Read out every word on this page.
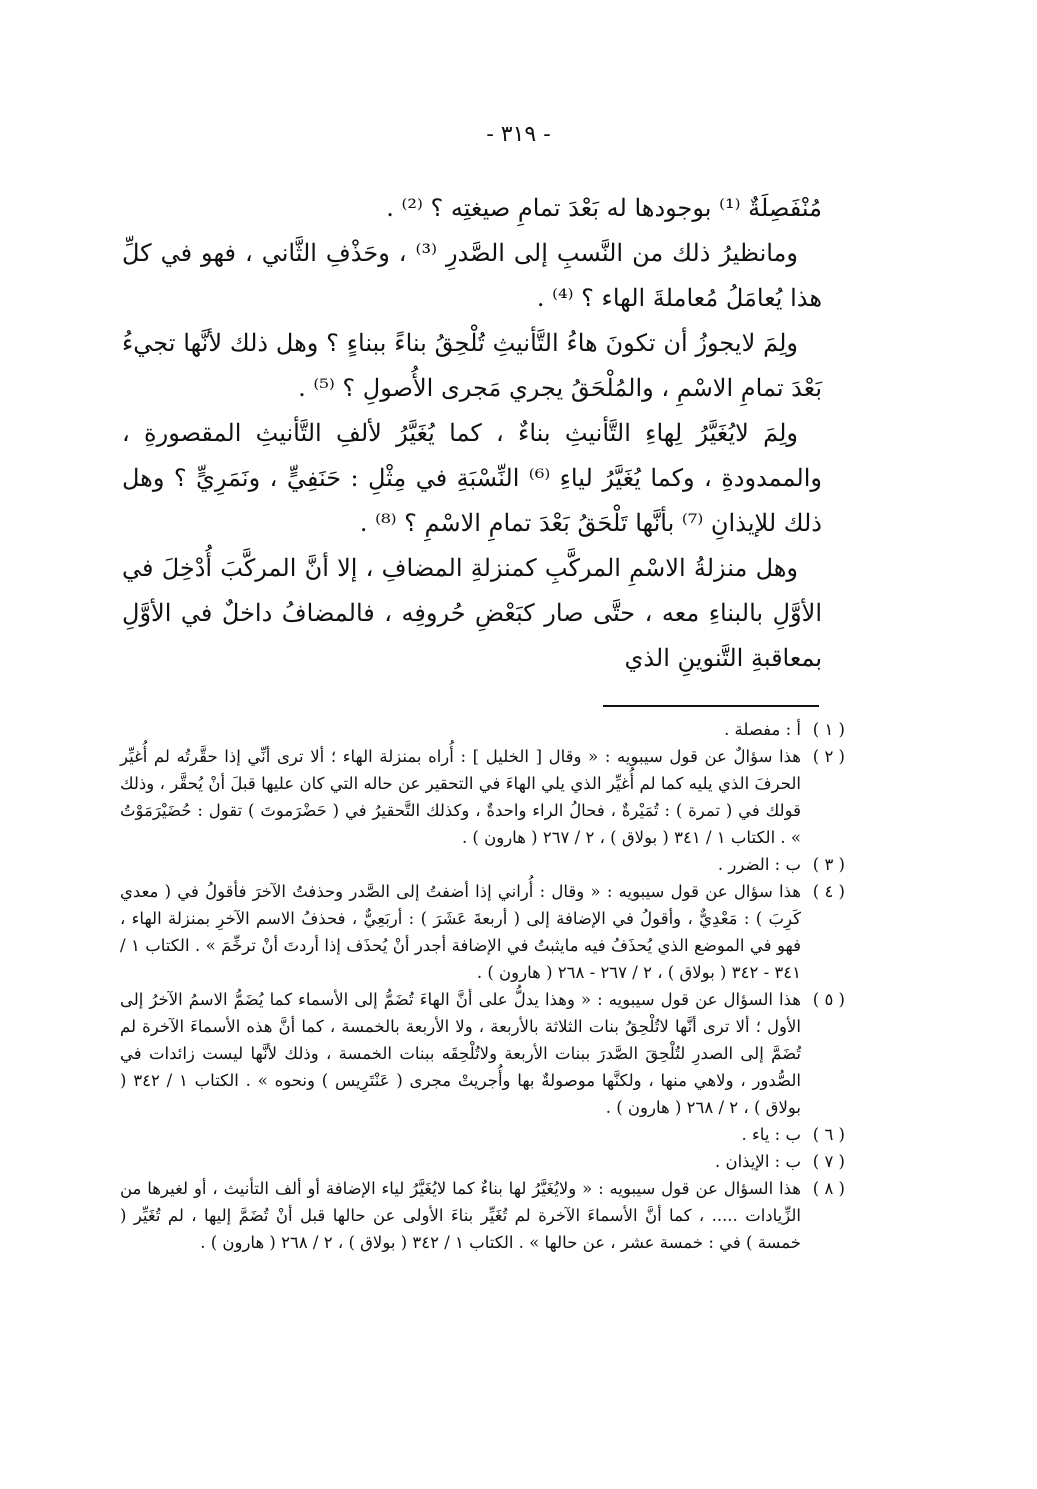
- ٣١٩ -

مُنْفَصِلَةٌ ⁽¹⁾ بوجودها له بَعْدَ تمامِ صيغتِه ؟ ⁽²⁾ .

ومانظيرُ ذلك من النَّسبِ إلى الصَّدرِ ⁽³⁾ ، وحَذْفِ الثَّاني ، فهو في كلِّ هذا يُعامَلُ مُعاملةَ الهاء ؟ ⁽⁴⁾ .

ولِمَ لايجوزُ أن تكونَ هاءُ التَّأنيثِ تُلْحِقُ بناءً ببناءٍ ؟ وهل ذلك لأنَّها تجيءُ بَعْدَ تمامِ الاسْمِ ، والمُلْحَقُ يجري مَجرى الأُصولِ ؟ ⁽⁵⁾ .

ولِمَ لايُغَيَّرُ لِهاءِ التَّأنيثِ بناءٌ ، كما يُغَيَّرُ لألفِ التَّأنيثِ المقصورةِ ، والممدودةِ ، وكما يُغَيَّرُ لياءِ ⁽⁶⁾ النِّسْبَةِ في مِثْلِ : حَنَفِيٍّ ، ونَمَرِيٍّ ؟ وهل ذلك للإيذانِ ⁽⁷⁾ بأنَّها تَلْحَقُ بَعْدَ تمامِ الاسْمِ ؟ ⁽⁸⁾ .

وهل منزلةُ الاسْمِ المركَّبِ كمنزلةِ المضافِ ، إلا أنَّ المركَّبَ أُدْخِلَ في الأوَّلِ بالبناءِ معه ، حتَّى صار كبَعْضِ حُروفِه ، فالمضافُ داخلٌ في الأوَّلِ بمعاقبةِ التَّنوينِ الذي

( ١ )
أ : مفصلة .
( ٢ )
هذا سؤالٌ عن قول سيبويه : « وقال [ الخليل ] : أُراه بمنزلة الهاء ؛ ألا ترى أنِّي إذا حقَّرتُه لم أُغيِّر الحرفَ الذي يليه كما لم أُغيِّر الذي يلي الهاءَ في التحقير عن حاله التي كان عليها قبلَ أنْ يُحقَّر ، وذلك قولك في ( تمرة ) : تُمَيْرةٌ ، فحالُ الراء واحدةٌ ، وكذلك التَّحقيرُ في ( حَضْرَموتَ ) تقول : حُضَيْرَمَوْتُ » . الكتاب ١ / ٣٤١ ( بولاق ) ، ٢ / ٢٦٧ ( هارون ) .
( ٣ )
ب : الضرر .
( ٤ )
هذا سؤال عن قول سيبويه : « وقال : أُراني إذا أضفتُ إلى الصَّدر وحذفتُ الآخرَ فأقولُ في ( معدي كَرِبَ ) : مَعْدِيٌّ ، وأقولُ في الإضافة إلى ( أربعةَ عَشَرَ ) : أربَعِيٌّ ، فحذفُ الاسم الآخرِ بمنزلة الهاء ، فهو في الموضع الذي يُحذَفُ فيه مايثبتُ في الإضافة أجدر أنْ يُحذَف إذا أردتَ أنْ ترخِّمَ » . الكتاب ١ / ٣٤١ - ٣٤٢ ( بولاق ) ، ٢ / ٢٦٧ - ٢٦٨ ( هارون ) .
( ٥ )
هذا السؤال عن قول سيبويه : « وهذا يدلُّ على أنَّ الهاءَ تُضَمُّ إلى الأسماء كما يُضَمُّ الاسمُ الآخرُ إلى الأول ؛ ألا ترى أنَّها لاتُلْحِقُ بنات الثلاثة بالأربعة ، ولا الأربعة بالخمسة ، كما أنَّ هذه الأسماءَ الآخرة لم تُضَمَّ إلى الصدرِ لتُلْحِقَ الصَّدرَ ببنات الأربعة ولاتُلْحِقَه ببنات الخمسة ، وذلك لأنَّها ليست زائدات في الصُّدور ، ولاهي منها ، ولكنَّها موصولةٌ بها وأُجريتْ مجرى ( عَنْتَرِيس ) ونحوه » . الكتاب ١ / ٣٤٢ ( بولاق ) ، ٢ / ٢٦٨ ( هارون ) .
( ٦ )
ب : ياء .
( ٧ )
ب : الإيذان .
( ٨ )
هذا السؤال عن قول سيبويه : « ولايُغَيَّرُ لها بناءٌ كما لايُغَيَّرُ لياء الإضافة أو ألف التأنيث ، أو لغيرها من الزِّيادات ..... ، كما أنَّ الأسماءَ الآخرة لم تُغَيِّر بناءَ الأولى عن حالها قبل أنْ تُضَمَّ إليها ، لم تُغَيِّر ( خمسة ) في : خمسة عشر ، عن حالها » . الكتاب ١ / ٣٤٢ ( بولاق ) ، ٢ / ٢٦٨ ( هارون ) .
